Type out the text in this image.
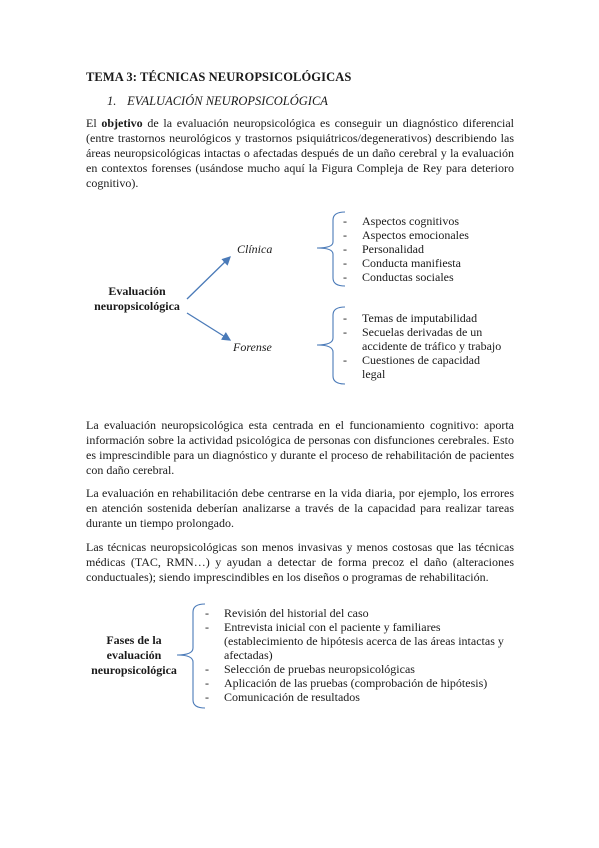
TEMA 3: TÉCNICAS NEUROPSICOLÓGICAS
1. EVALUACIÓN NEUROPSICOLÓGICA
El objetivo de la evaluación neuropsicológica es conseguir un diagnóstico diferencial (entre trastornos neurológicos y trastornos psiquiátricos/degenerativos) describiendo las áreas neuropsicológicas intactas o afectadas después de un daño cerebral y la evaluación en contextos forenses (usándose mucho aquí la Figura Compleja de Rey para deterioro cognitivo).
Evaluación neuropsicológica
Clínica
Forense
- Aspectos cognitivos
- Aspectos emocionales
- Personalidad
- Conducta manifiesta
- Conductas sociales
- Temas de imputabilidad
- Secuelas derivadas de un accidente de tráfico y trabajo
- Cuestiones de capacidad legal
La evaluación neuropsicológica esta centrada en el funcionamiento cognitivo: aporta información sobre la actividad psicológica de personas con disfunciones cerebrales. Esto es imprescindible para un diagnóstico y durante el proceso de rehabilitación de pacientes con daño cerebral.
La evaluación en rehabilitación debe centrarse en la vida diaria, por ejemplo, los errores en atención sostenida deberían analizarse a través de la capacidad para realizar tareas durante un tiempo prolongado.
Las técnicas neuropsicológicas son menos invasivas y menos costosas que las técnicas médicas (TAC, RMN…) y ayudan a detectar de forma precoz el daño (alteraciones conductuales); siendo imprescindibles en los diseños o programas de rehabilitación.
Fases de la evaluación neuropsicológica
- Revisión del historial del caso
- Entrevista inicial con el paciente y familiares (establecimiento de hipótesis acerca de las áreas intactas y afectadas)
- Selección de pruebas neuropsicológicas
- Aplicación de las pruebas (comprobación de hipótesis)
- Comunicación de resultados
